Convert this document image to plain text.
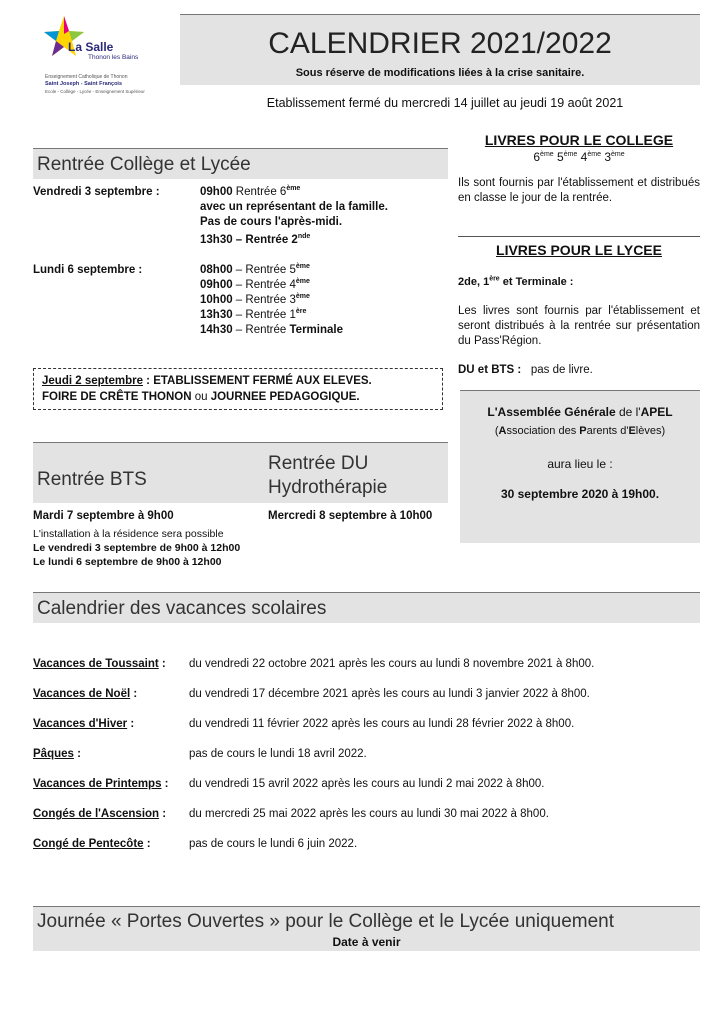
La Salle
Thonon les Bains
Enseignement Catholique de Thonon
Saint Joseph - Saint François
Ecole - Collège - Lycée - Enseignement Supérieur
CALENDRIER 2021/2022
Sous réserve de modifications liées à la crise sanitaire.
Etablissement fermé du mercredi 14 juillet au jeudi 19 août 2021
Rentrée Collège et Lycée
Vendredi 3 septembre :	09h00 Rentrée 6ème
avec un représentant de la famille.
Pas de cours l'après-midi.
13h30 – Rentrée 2nde
Lundi 6 septembre :	08h00 – Rentrée 5ème
09h00 – Rentrée 4ème
10h00 – Rentrée 3ème
13h30 – Rentrée 1ère
14h30 – Rentrée Terminale
Jeudi 2 septembre : ETABLISSEMENT FERMÉ AUX ELEVES.
FOIRE DE CRÊTE THONON ou JOURNEE PEDAGOGIQUE.
LIVRES POUR LE COLLEGE
6ème 5ème 4ème 3ème
Ils sont fournis par l'établissement et distribués en classe le jour de la rentrée.
LIVRES POUR LE LYCEE
2de, 1ère et Terminale :
Les livres sont fournis par l'établissement et seront distribués à la rentrée sur présentation du Pass'Région.
DU et BTS : pas de livre.
L'Assemblée Générale de l'APEL
(Association des Parents d'Elèves)
aura lieu le :
30 septembre 2020 à 19h00.
Rentrée BTS
Rentrée DU
Hydrothérapie
Mardi 7 septembre à 9h00	Mercredi 8 septembre à 10h00
L'installation à la résidence sera possible
Le vendredi 3 septembre de 9h00 à 12h00
Le lundi 6 septembre de 9h00 à 12h00
Calendrier des vacances scolaires
Vacances de Toussaint : du vendredi 22 octobre 2021 après les cours au lundi 8 novembre 2021 à 8h00.
Vacances de Noël :	du vendredi 17 décembre 2021 après les cours au lundi 3 janvier 2022 à 8h00.
Vacances d'Hiver :	du vendredi 11 février 2022 après les cours au lundi 28 février 2022 à 8h00.
Pâques :	pas de cours le lundi 18 avril 2022.
Vacances de Printemps : du vendredi 15 avril 2022 après les cours au lundi 2 mai 2022 à 8h00.
Congés de l'Ascension : du mercredi 25 mai 2022 après les cours au lundi 30 mai 2022 à 8h00.
Congé de Pentecôte :	pas de cours le lundi 6 juin 2022.
Journée « Portes Ouvertes » pour le Collège et le Lycée uniquement
Date à venir
